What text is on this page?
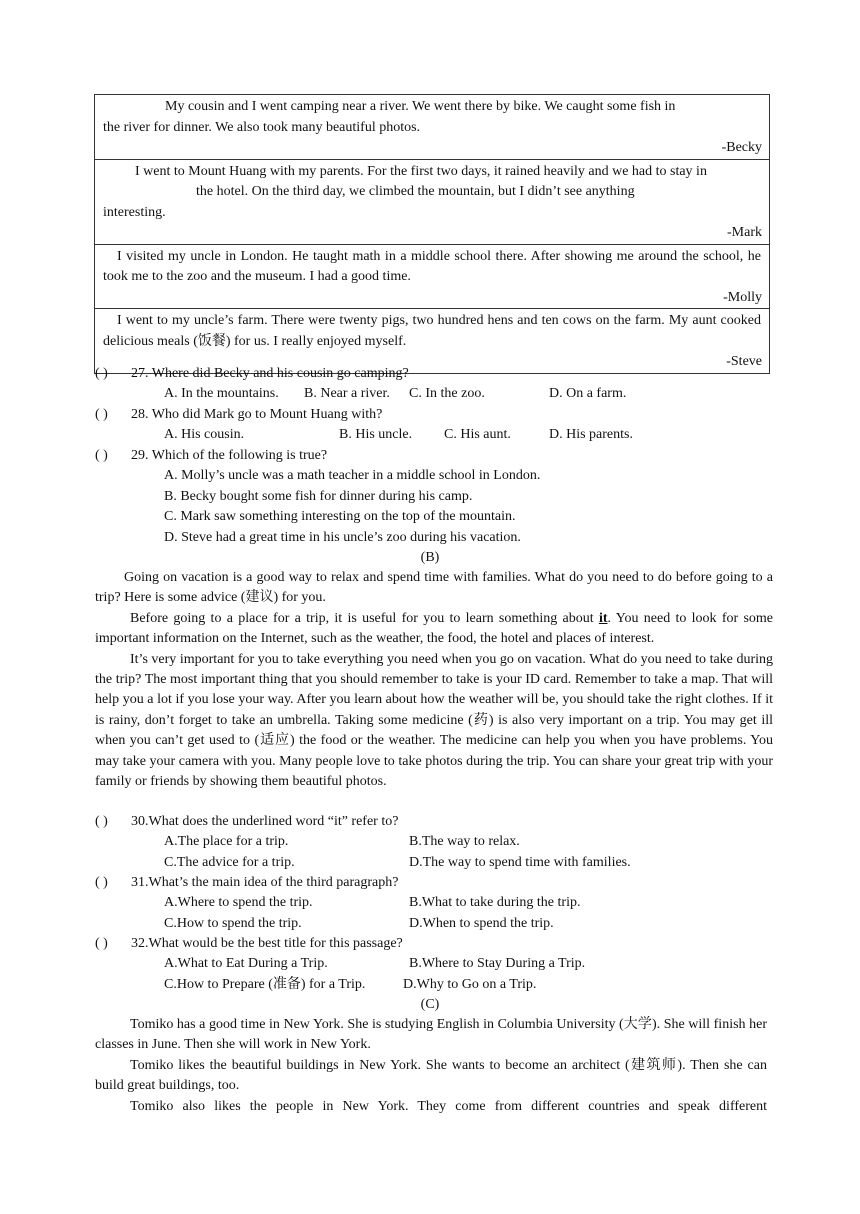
My cousin and I went camping near a river. We went there by bike. We caught some fish in
the river for dinner. We also took many beautiful photos.
-Becky
I went to Mount Huang with my parents. For the first two days, it rained heavily and we had to stay in
the hotel. On the third day, we climbed the mountain, but I didn’t see anything
interesting.
-Mark
I visited my uncle in London. He taught math in a middle school there. After showing me around the school, he took me to the zoo and the museum. I had a good time.
-Molly
I went to my uncle’s farm. There were twenty pigs, two hundred hens and ten cows on the farm. My aunt cooked delicious meals (饭餐) for us. I really enjoyed myself.
-Steve
( )	27. Where did Becky and his cousin go camping?
A. In the mountains. B. Near a river. C. In the zoo.	D. On a farm.
( )	28. Who did Mark go to Mount Huang with?
A. His cousin.	B. His uncle. C. His aunt.	D. His parents.
( )	29. Which of the following is true?
A. Molly’s uncle was a math teacher in a middle school in London.
B. Becky bought some fish for dinner during his camp.
C. Mark saw something interesting on the top of the mountain.
D. Steve had a great time in his uncle’s zoo during his vacation.
(B)

Going on vacation is a good way to relax and spend time with families. What do you need to do before going to a trip? Here is some advice (建议) for you.

Before going to a place for a trip, it is useful for you to learn something about it. You need to look for some important information on the Internet, such as the weather, the food, the hotel and places of interest.

It’s very important for you to take everything you need when you go on vacation. What do you need to take during the trip? The most important thing that you should remember to take is your ID card. Remember to take a map. That will help you a lot if you lose your way. After you learn about how the weather will be, you should take the right clothes. If it is rainy, don’t forget to take an umbrella. Taking some medicine (药) is also very important on a trip. You may get ill when you can’t get used to (适应) the food or the weather. The medicine can help you when you have problems. You may take your camera with you. Many people love to take photos during the trip. You can share your great trip with your family or friends by showing them beautiful photos.

( )	30.What does the underlined word “it” refer to?
A.The place for a trip.	B.The way to relax.
C.The advice for a trip.	D.The way to spend time with families.
( )	31.What’s the main idea of the third paragraph?
A.Where to spend the trip.	B.What to take during the trip.
C.How to spend the trip.	D.When to spend the trip.
( )	32.What would be the best title for this passage?
A.What to Eat During a Trip.	B.Where to Stay During a Trip.
C.How to Prepare (准备) for a Trip.	D.Why to Go on a Trip.
(C)

Tomiko has a good time in New York. She is studying English in Columbia University (大学). She will finish her classes in June. Then she will work in New York.

Tomiko likes the beautiful buildings in New York. She wants to become an architect (建筑师). Then she can build great buildings, too.

Tomiko also likes the people in New York. They come from different countries and speak different
